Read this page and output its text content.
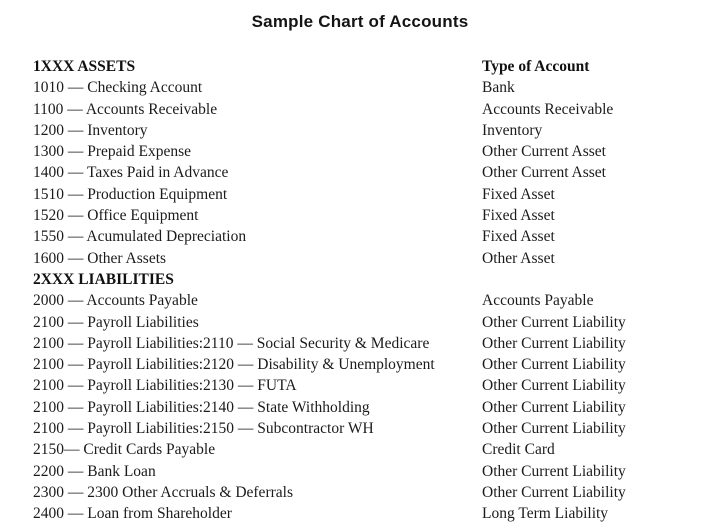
Sample Chart of Accounts
1XXX ASSETS	Type of Account
1010 — Checking Account	Bank
1100 — Accounts Receivable	Accounts Receivable
1200 — Inventory	Inventory
1300 — Prepaid Expense	Other Current Asset
1400 — Taxes Paid in Advance	Other Current Asset
1510 — Production Equipment	Fixed Asset
1520 — Office Equipment	Fixed Asset
1550 — Acumulated Depreciation	Fixed Asset
1600 — Other Assets	Other Asset
2XXX LIABILITIES
2000 — Accounts Payable	Accounts Payable
2100 — Payroll Liabilities	Other Current Liability
2100 — Payroll Liabilities:2110 — Social Security & Medicare	Other Current Liability
2100 — Payroll Liabilities:2120 — Disability & Unemployment	Other Current Liability
2100 — Payroll Liabilities:2130 — FUTA	Other Current Liability
2100 — Payroll Liabilities:2140 — State Withholding	Other Current Liability
2100 — Payroll Liabilities:2150 — Subcontractor WH	Other Current Liability
2150— Credit Cards Payable	Credit Card
2200 — Bank Loan	Other Current Liability
2300 — 2300 Other Accruals & Deferrals	Other Current Liability
2400 — Loan from Shareholder	Long Term Liability
